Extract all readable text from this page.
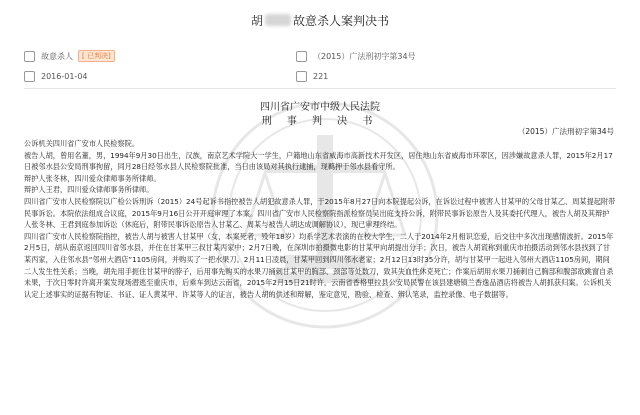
胡	故意杀人案判决书
故意杀人	[ 已判决]	（2015）广法刑初字第34号
2016-01-04	221
四川省广安市中级人民法院
刑 事 判 决 书
（2015）广法刑初字第34号

公诉机关四川省广安市人民检察院。

被告人胡，曾用名董，男，1994年9月30日出生，汉族，南京艺术学院大一学生，户籍地山东省威海市高新技术开发区，居住地山东省威海市环翠区，因涉嫌故意杀人罪，2015年2月17日被邻水县公安局刑事拘留，同月28日经邻水县人民检察院批准，当日由该局对其执行逮捕，现羁押于邻水县看守所。

辩护人张冬林，四川爱众律师事务所律师。

辩护人王君，四川爱众律师事务所律师。

四川省广安市人民检察院以广检公诉刑诉（2015）24号起诉书指控被告人胡犯故意杀人罪，于2015年8月27日向本院提起公诉，在诉讼过程中被害人甘某甲的父母甘某乙、周某提起附带民事诉讼。本院依法组成合议庭，2015年9月16日公开开庭审理了本案。四川省广安市人民检察院指派检察员吴出庭支持公诉，附带民事诉讼原告人及其委托代理人，被告人胡及其辩护人张冬林、王君到庭参加诉讼（休庭后，附带民事诉讼原告人甘某乙、周某与被告人胡达成调解协议），现已审理终结。

四川省广安市人民检察院指控，被告人胡与被害人甘某甲（女，本案死者，殁年18岁）均系学艺术表演的在校大学生，二人于2014年2月相识恋爱，后交往中多次出现感情波折。2015年2月5日，胡从南京返回四川省邻水县，并住在甘某甲三叔甘某丙家中；2月7日晚，在深圳市拍摄微电影的甘某甲向胡提出分手；次日，被告人胡谎称到重庆市拍摄活动到邻水县找到了甘某丙家，入住邻水县“邻州大酒店”1105房间，并购买了一把水果刀。2月11日凌晨，甘某甲回到四川邻水老家；2月12日13时35分许，胡与甘某甲一起进入邻州大酒店1105房间，期间二人发生性关系；当晚，胡先用手扼住甘某甲的脖子，后用事先购买的水果刀捅刺甘某甲的胸部、颈部等处数刀，致其失血性休克死亡；作案后胡用水果刀捅刺自己胸部和腹部欲跳窗自杀未果，于次日零时许离开案发现场潜逃至重庆市，后乘车到达云南省，2015年2月15日21时许，云南省香格里拉县公安局民警在该县建塘镇兰香逸品酒店将被告人胡抓获归案。公诉机关认定上述事实的证据有物证、书证、证人黄某甲、许某等人的证言，被告人胡的供述和辩解，鉴定意见，勘验、检查、辨认笔录，监控录像、电子数据等。
